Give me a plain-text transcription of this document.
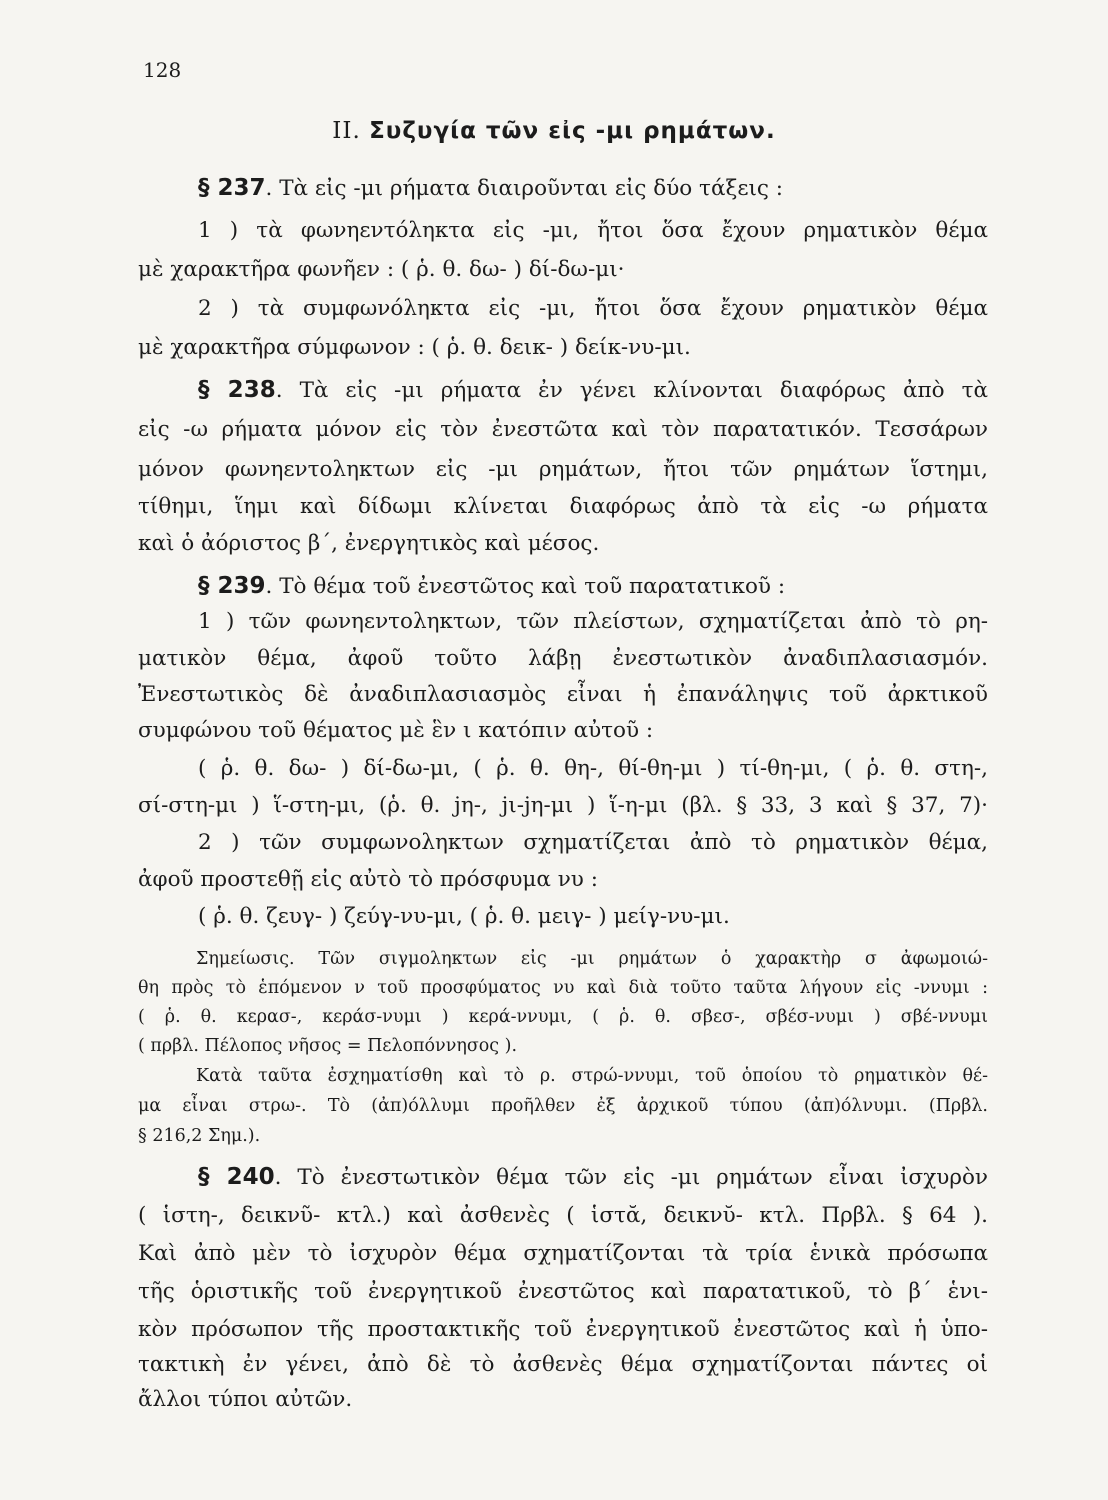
128
II. Συζυγία τῶν εἰς -μι ρημάτων.
§ 237. Τὰ εἰς -μι ρήματα διαιροῦνται εἰς δύο τάξεις :
1 ) τὰ φωνηεντόληκτα εἰς -μι, ἤτοι ὅσα ἔχουν ρηματικὸν θέμα
μὲ χαρακτῆρα φωνῆεν : ( ῥ. θ. δω- ) δί-δω-μι·
2 ) τὰ συμφωνόληκτα εἰς -μι, ἤτοι ὅσα ἔχουν ρηματικὸν θέμα
μὲ χαρακτῆρα σύμφωνον : ( ῥ. θ. δεικ- ) δείκ-νυ-μι.
§ 238. Τὰ εἰς -μι ρήματα ἐν γένει κλίνονται διαφόρως ἀπὸ τὰ
εἰς -ω ρήματα μόνον εἰς τὸν ἐνεστῶτα καὶ τὸν παρατατικόν. Τεσσάρων
μόνον φωνηεντοληκτων εἰς -μι ρημάτων, ἤτοι τῶν ρημάτων ἵστημι,
τίθημι, ἵημι καὶ δίδωμι κλίνεται διαφόρως ἀπὸ τὰ εἰς -ω ρήματα
καὶ ὁ ἀόριστος β΄, ἐνεργητικὸς καὶ μέσος.
§ 239. Τὸ θέμα τοῦ ἐνεστῶτος καὶ τοῦ παρατατικοῦ :
1 ) τῶν φωνηεντοληκτων, τῶν πλείστων, σχηματίζεται ἀπὸ τὸ ρη-
ματικὸν θέμα, ἀφοῦ τοῦτο λάβῃ ἐνεστωτικὸν ἀναδιπλασιασμόν.
Ἐνεστωτικὸς δὲ ἀναδιπλασιασμὸς εἶναι ἡ ἐπανάληψις τοῦ ἀρκτικοῦ
συμφώνου τοῦ θέματος μὲ ἓν ι κατόπιν αὐτοῦ :
( ῥ. θ. δω- ) δί-δω-μι, ( ῥ. θ. θη-, θί-θη-μι ) τί-θη-μι, ( ῥ. θ. στη-,
σί-στη-μι ) ἵ-στη-μι, (ῥ. θ. jη-, jι-jη-μι ) ἵ-η-μι (βλ. § 33, 3 καὶ § 37, 7)·
2 ) τῶν συμφωνοληκτων σχηματίζεται ἀπὸ τὸ ρηματικὸν θέμα,
ἀφοῦ προστεθῇ εἰς αὐτὸ τὸ πρόσφυμα νυ :
( ῥ. θ. ζευγ- ) ζεύγ-νυ-μι, ( ῥ. θ. μειγ- ) μείγ-νυ-μι.
Σημείωσις. Τῶν σιγμοληκτων εἰς -μι ρημάτων ὁ χαρακτὴρ σ ἀφωμοιώ-
θη πρὸς τὸ ἑπόμενον ν τοῦ προσφύματος νυ καὶ διὰ τοῦτο ταῦτα λήγουν εἰς -ννυμι :
( ῥ. θ. κερασ-, κεράσ-νυμι ) κερά-ννυμι, ( ῥ. θ. σβεσ-, σβέσ-νυμι ) σβέ-ννυμι
( πρβλ. Πέλοπος νῆσος = Πελοπόννησος ).
Κατὰ ταῦτα ἐσχηματίσθη καὶ τὸ ρ. στρώ-ννυμι, τοῦ ὁποίου τὸ ρηματικὸν θέ-
μα εἶναι στρω-. Τὸ (ἀπ)όλλυμι προῆλθεν ἐξ ἀρχικοῦ τύπου (ἀπ)όλνυμι. (Πρβλ.
§ 216,2 Σημ.).
§ 240. Τὸ ἐνεστωτικὸν θέμα τῶν εἰς -μι ρημάτων εἶναι ἰσχυρὸν
( ἱστη-, δεικνῦ- κτλ.) καὶ ἀσθενὲς ( ἱστᾰ, δεικνῠ- κτλ. Πρβλ. § 64 ).
Καὶ ἀπὸ μὲν τὸ ἰσχυρὸν θέμα σχηματίζονται τὰ τρία ἑνικὰ πρόσωπα
τῆς ὁριστικῆς τοῦ ἐνεργητικοῦ ἐνεστῶτος καὶ παρατατικοῦ, τὸ β΄ ἑνι-
κὸν πρόσωπον τῆς προστακτικῆς τοῦ ἐνεργητικοῦ ἐνεστῶτος καὶ ἡ ὑπο-
τακτικὴ ἐν γένει, ἀπὸ δὲ τὸ ἀσθενὲς θέμα σχηματίζονται πάντες οἱ
ἄλλοι τύποι αὐτῶν.
